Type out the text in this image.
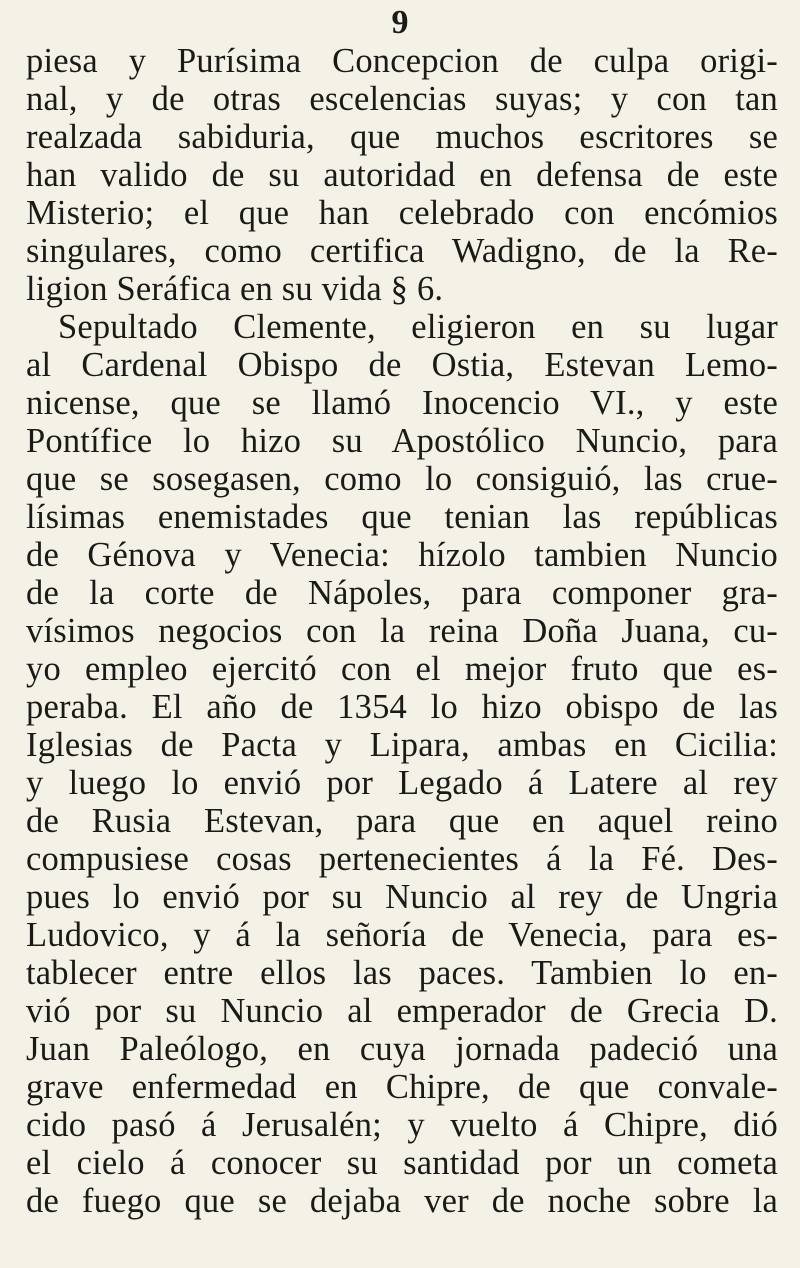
9
piesa y Purísima Concepcion de culpa origi-
nal, y de otras escelencias suyas; y con tan
realzada sabiduria, que muchos escritores se
han valido de su autoridad en defensa de este
Misterio; el que han celebrado con encómios
singulares, como certifica Wadigno, de la Re-
ligion Seráfica en su vida § 6.
Sepultado Clemente, eligieron en su lugar
al Cardenal Obispo de Ostia, Estevan Lemo-
nicense, que se llamó Inocencio VI., y este
Pontífice lo hizo su Apostólico Nuncio, para
que se sosegasen, como lo consiguió, las crue-
lísimas enemistades que tenian las repúblicas
de Génova y Venecia: hízolo tambien Nuncio
de la corte de Nápoles, para componer gra-
vísimos negocios con la reina Doña Juana, cu-
yo empleo ejercitó con el mejor fruto que es-
peraba. El año de 1354 lo hizo obispo de las
Iglesias de Pacta y Lipara, ambas en Cicilia:
y luego lo envió por Legado á Latere al rey
de Rusia Estevan, para que en aquel reino
compusiese cosas pertenecientes á la Fé. Des-
pues lo envió por su Nuncio al rey de Ungria
Ludovico, y á la señoría de Venecia, para es-
tablecer entre ellos las paces. Tambien lo en-
vió por su Nuncio al emperador de Grecia D.
Juan Paleólogo, en cuya jornada padeció una
grave enfermedad en Chipre, de que convale-
cido pasó á Jerusalén; y vuelto á Chipre, dió
el cielo á conocer su santidad por un cometa
de fuego que se dejaba ver de noche sobre la
